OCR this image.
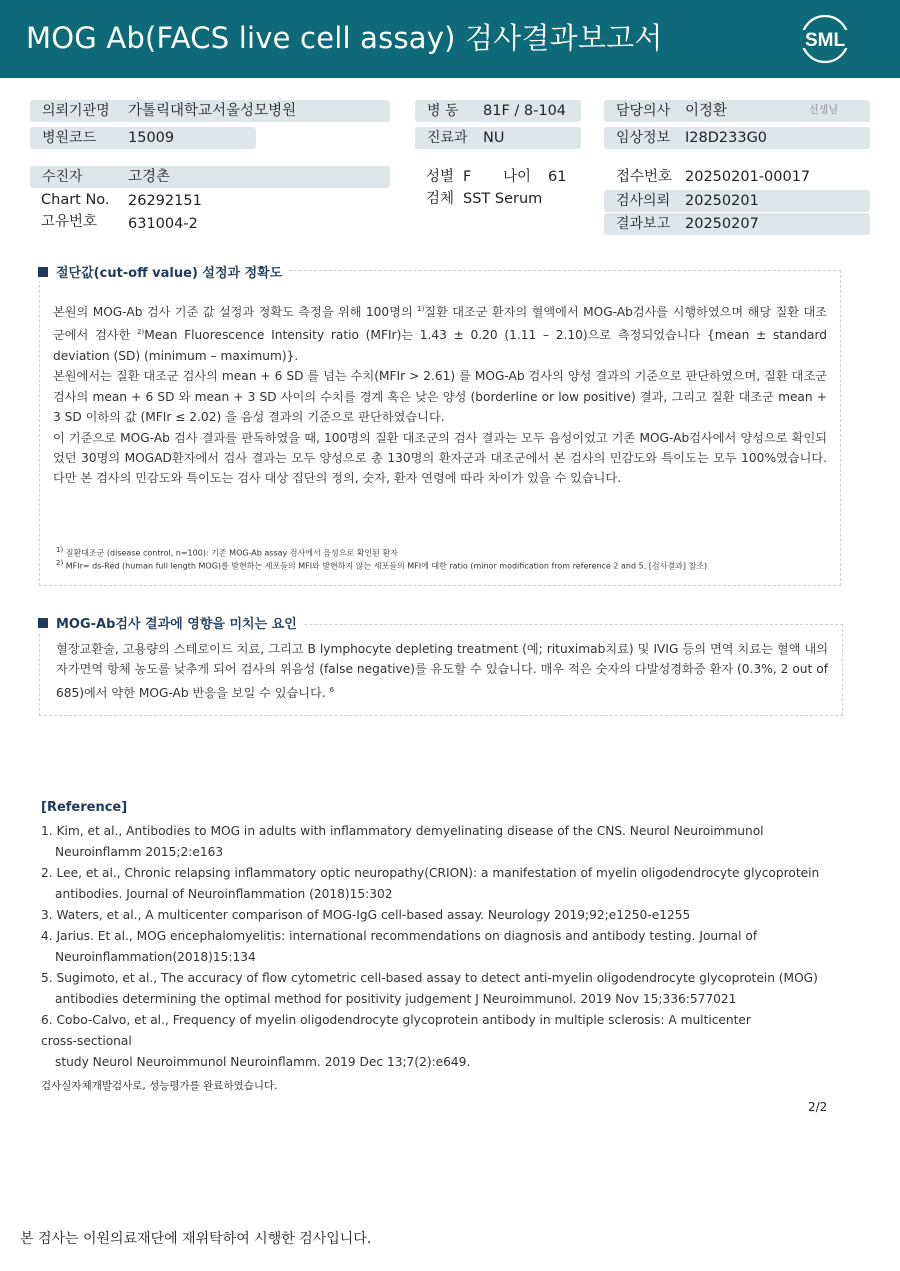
MOG Ab(FACS live cell assay) 검사결과보고서	SML
의뢰기관명 가톨릭대학교서울성모병원
병원코드 15009
병 동 81F / 8-104
진료과 NU
담당의사 이정환	선생님
임상정보 I28D233G0
수진자	고경촌
Chart No. 26292151
고유번호 631004-2
성별 F 나이 61
검체 SST Serum
접수번호 20250201-00017
검사의뢰 20250201
결과보고 20250207
절단값(cut-off value) 설정과 정확도
본원의 MOG-Ab 검사 기준 값 설정과 정확도 측정을 위해 100명의 $^{1)}$질환 대조군 환자의 혈액에서 MOG-Ab검사를 시행하였으며 해당 질환 대조군에서 검사한 $^{2)}$Mean Fluorescence Intensity ratio (MFIr)는 1.43 ± 0.20 (1.11 – 2.10)으로 측정되었습니다 {mean ± standard deviation (SD) (minimum – maximum)}.
본원에서는 질환 대조군 검사의 mean + 6 SD 를 넘는 수치(MFIr > 2.61) 를 MOG-Ab 검사의 양성 결과의 기준으로 판단하였으며, 질환 대조군 검사의 mean + 6 SD 와 mean + 3 SD 사이의 수치를 경계 혹은 낮은 양성 (borderline or low positive) 결과, 그리고 질환 대조군 mean + 3 SD 이하의 값 (MFIr ≤ 2.02) 을 음성 결과의 기준으로 판단하였습니다.
이 기준으로 MOG-Ab 검사 결과를 판독하였을 때, 100명의 질환 대조군의 검사 결과는 모두 음성이었고 기존 MOG-Ab검사에서 양성으로 확인되었던 30명의 MOGAD환자에서 검사 결과는 모두 양성으로 총 130명의 환자군과 대조군에서 본 검사의 민감도와 특이도는 모두 100%였습니다. 다만 본 검사의 민감도와 특이도는 검사 대상 집단의 정의, 숫자, 환자 연령에 따라 차이가 있을 수 있습니다.
$^{1)}$ 질환대조군 (disease control, n=100): 기존 MOG-Ab assay 검사에서 음성으로 확인된 환자
$^{2)}$ MFIr= ds-Red (human full length MOG)를 발현하는 세포들의 MFI와 발현하지 않는 세포들의 MFI에 대한 ratio (minor modification from reference 2 and 5, [검사결과] 참조)
MOG-Ab검사 결과에 영향을 미치는 요인
혈장교환술, 고용량의 스테로이드 치료, 그리고 B lymphocyte depleting treatment (예; rituximab치료) 및 IVIG 등의 면역 치료는 혈액 내의 자가면역 항체 농도를 낮추게 되어 검사의 위음성 (false negative)를 유도할 수 있습니다. 매우 적은 숫자의 다발성경화증 환자 (0.3%, 2 out of 685)에서 약한 MOG-Ab 반응을 보일 수 있습니다. $^6$
[Reference]
1. Kim, et al., Antibodies to MOG in adults with inflammatory demyelinating disease of the CNS. Neurol Neuroimmunol
Neuroinflamm 2015;2:e163
2. Lee, et al., Chronic relapsing inflammatory optic neuropathy(CRION): a manifestation of myelin oligodendrocyte glycoprotein
antibodies. Journal of Neuroinflammation (2018)15:302
3. Waters, et al., A multicenter comparison of MOG-IgG cell-based assay. Neurology 2019;92;e1250-e1255
4. Jarius. Et al., MOG encephalomyelitis: international recommendations on diagnosis and antibody testing. Journal of
Neuroinflammation(2018)15:134
5. Sugimoto, et al., The accuracy of flow cytometric cell-based assay to detect anti-myelin oligodendrocyte glycoprotein (MOG)
antibodies determining the optimal method for positivity judgement J Neuroimmunol. 2019 Nov 15;336:577021
6. Cobo-Calvo, et al., Frequency of myelin oligodendrocyte glycoprotein antibody in multiple sclerosis: A multicenter
cross-sectional
study Neurol Neuroimmunol Neuroinflamm. 2019 Dec 13;7(2):e649.
검사실자체개발검사로, 성능평가를 완료하였습니다.
2/2
본 검사는 이원의료재단에 재위탁하여 시행한 검사입니다.
